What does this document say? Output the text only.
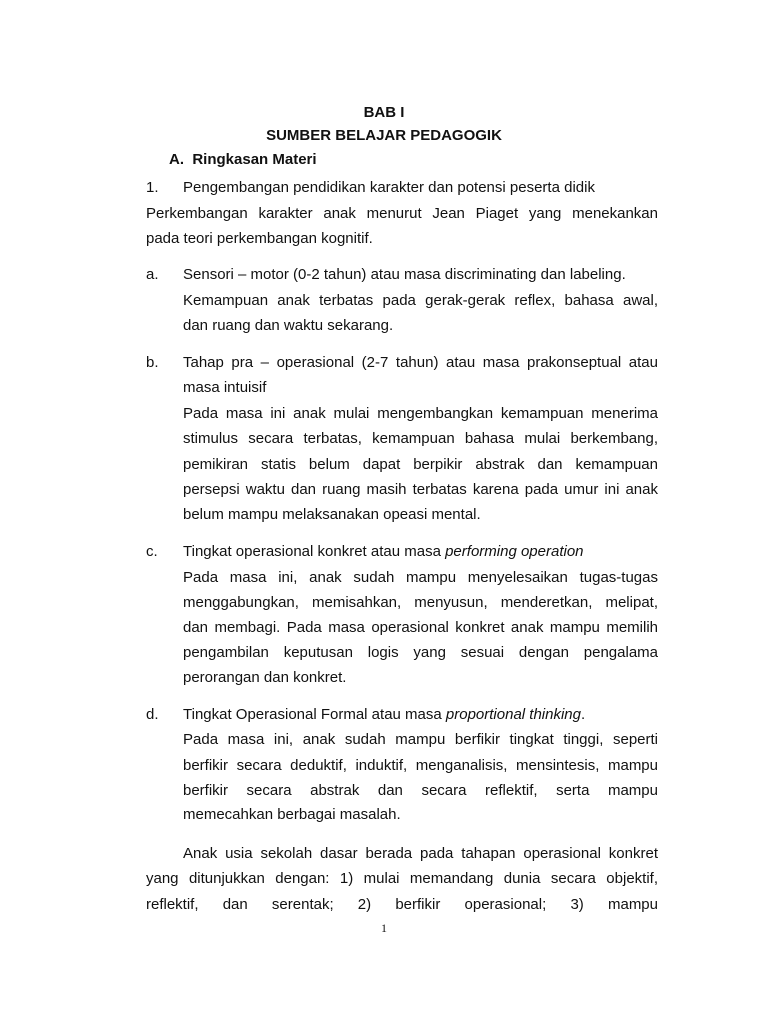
BAB I
SUMBER BELAJAR PEDAGOGIK
A. Ringkasan Materi
1. Pengembangan pendidikan karakter dan potensi peserta didik
Perkembangan karakter anak menurut Jean Piaget yang menekankan
pada teori perkembangan kognitif.
a. Sensori – motor (0-2 tahun) atau masa discriminating dan labeling.
Kemampuan anak terbatas pada gerak-gerak reflex, bahasa awal,
dan ruang dan waktu sekarang.
b. Tahap pra – operasional (2-7 tahun) atau masa prakonseptual atau
masa intuisif
Pada masa ini anak mulai mengembangkan kemampuan menerima
stimulus secara terbatas, kemampuan bahasa mulai berkembang,
pemikiran statis belum dapat berpikir abstrak dan kemampuan
persepsi waktu dan ruang masih terbatas karena pada umur ini anak
belum mampu melaksanakan opeasi mental.
c. Tingkat operasional konkret atau masa performing operation
Pada masa ini, anak sudah mampu menyelesaikan tugas-tugas
menggabungkan, memisahkan, menyusun, menderetkan, melipat,
dan membagi. Pada masa operasional konkret anak mampu memilih
pengambilan keputusan logis yang sesuai dengan pengalama
perorangan dan konkret.
d. Tingkat Operasional Formal atau masa proportional thinking.
Pada masa ini, anak sudah mampu berfikir tingkat tinggi, seperti
berfikir secara deduktif, induktif, menganalisis, mensintesis, mampu
berfikir secara abstrak dan secara reflektif, serta mampu
memecahkan berbagai masalah.
Anak usia sekolah dasar berada pada tahapan operasional konkret
yang ditunjukkan dengan: 1) mulai memandang dunia secara objektif,
reflektif, dan serentak; 2) berfikir operasional; 3) mampu
1
